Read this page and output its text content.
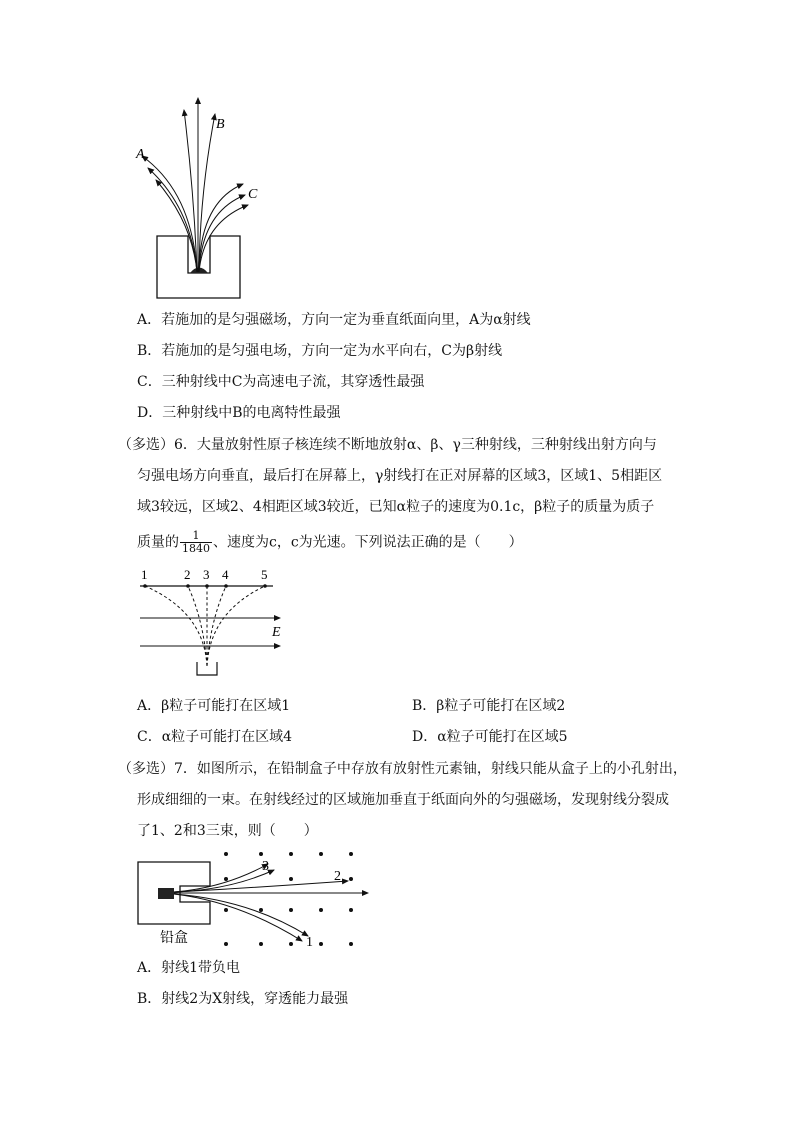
A
B
C
A．若施加的是匀强磁场，方向一定为垂直纸面向里，A为α射线
B．若施加的是匀强电场，方向一定为水平向右，C为β射线
C．三种射线中C为高速电子流，其穿透性最强
D．三种射线中B的电离特性最强
（多选）6．大量放射性原子核连续不断地放射α、β、γ三种射线，三种射线出射方向与
匀强电场方向垂直，最后打在屏幕上，γ射线打在正对屏幕的区域3，区域1、5相距区
域3较远，区域2、4相距区域3较近，已知α粒子的速度为0.1c，β粒子的质量为质子
质量的 $\frac{1}{1840}$ 、速度为c，c为光速。下列说法正确的是（　　）
1	2 3 4	5
E
A．β粒子可能打在区域1	B．β粒子可能打在区域2
C．α粒子可能打在区域4	D．α粒子可能打在区域5
（多选）7．如图所示，在铅制盒子中存放有放射性元素铀，射线只能从盒子上的小孔射出，
形成细细的一束。在射线经过的区域施加垂直于纸面向外的匀强磁场，发现射线分裂成
了1、2和3三束，则（　　）
1
2
3
铅盒
A．射线1带负电
B．射线2为X射线，穿透能力最强
